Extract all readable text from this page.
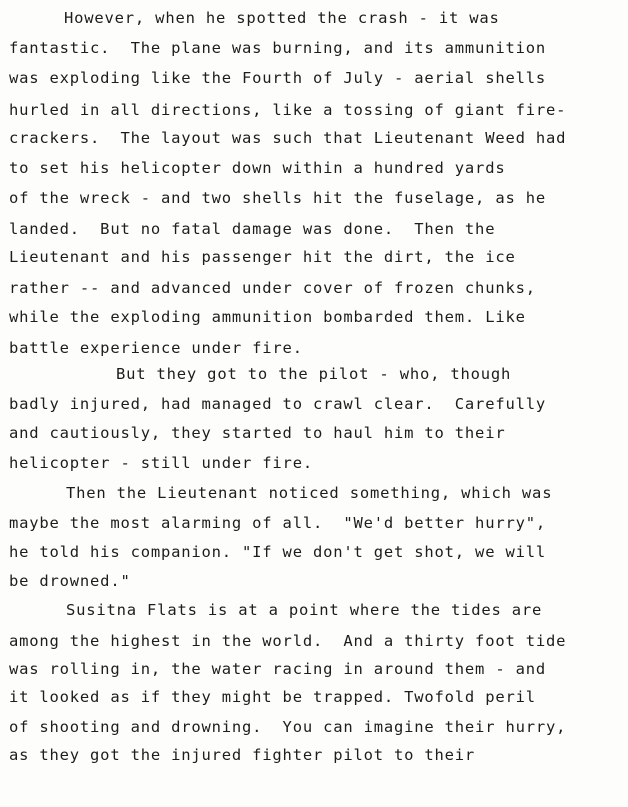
However, when he spotted the crash - it was
fantastic.  The plane was burning, and its ammunition
was exploding like the Fourth of July - aerial shells
hurled in all directions, like a tossing of giant fire-
crackers.  The layout was such that Lieutenant Weed had
to set his helicopter down within a hundred yards
of the wreck - and two shells hit the fuselage, as he
landed.  But no fatal damage was done.  Then the
Lieutenant and his passenger hit the dirt, the ice
rather -- and advanced under cover of frozen chunks,
while the exploding ammunition bombarded them. Like
battle experience under fire.
But they got to the pilot - who, though
badly injured, had managed to crawl clear.  Carefully
and cautiously, they started to haul him to their
helicopter - still under fire.
Then the Lieutenant noticed something, which was
maybe the most alarming of all.  "We'd better hurry",
he told his companion. "If we don't get shot, we will
be drowned."
Susitna Flats is at a point where the tides are
among the highest in the world.  And a thirty foot tide
was rolling in, the water racing in around them - and
it looked as if they might be trapped. Twofold peril
of shooting and drowning.  You can imagine their hurry,
as they got the injured fighter pilot to their
